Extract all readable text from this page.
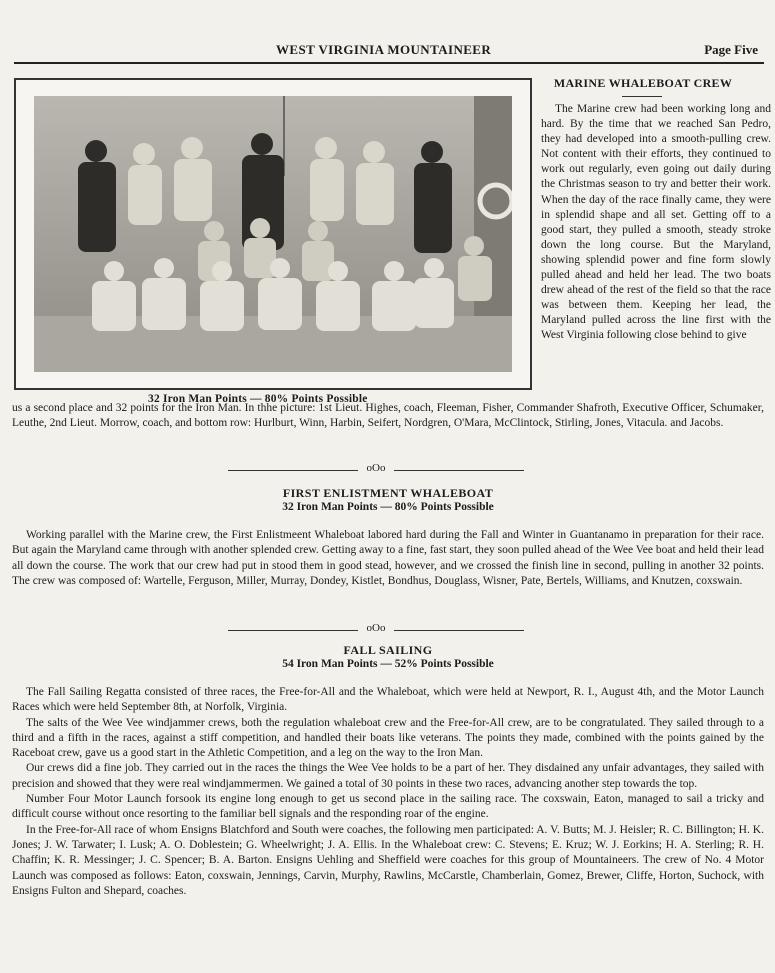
WEST VIRGINIA MOUNTAINEER	Page Five
32 Iron Man Points — 80% Points Possible
MARINE WHALEBOAT CREW

The Marine crew had been working long and hard. By the time that we reached San Pedro, they had developed into a smooth-pulling crew. Not content with their efforts, they continued to work out regularly, even going out daily during the Christmas season to try and better their work. When the day of the race finally came, they were in splendid shape and all set. Getting off to a good start, they pulled a smooth, steady stroke down the long course. But the Maryland, showing splendid power and fine form slowly pulled ahead and held her lead. The two boats drew ahead of the rest of the field so that the race was between them. Keeping her lead, the Maryland pulled across the line first with the West Virginia following close behind to give

us a second place and 32 points for the Iron Man. In thhe picture: 1st Lieut. Highes, coach, Fleeman, Fisher, Commander Shafroth, Executive Officer, Schumaker, Leuthe, 2nd Lieut. Morrow, coach, and bottom row: Hurlburt, Winn, Harbin, Seifert, Nordgren, O'Mara, McClintock, Stirling, Jones, Vitacula. and Jacobs.

oOo
FIRST ENLISTMENT WHALEBOAT
32 Iron Man Points — 80% Points Possible

Working parallel with the Marine crew, the First Enlistmeent Whaleboat labored hard during the Fall and Winter in Guantanamo in preparation for their race. But again the Maryland came through with another splended crew. Getting away to a fine, fast start, they soon pulled ahead of the Wee Vee boat and held their lead all down the course. The work that our crew had put in stood them in good stead, however, and we crossed the finish line in second, pulling in another 32 points. The crew was composed of: Wartelle, Ferguson, Miller, Murray, Dondey, Kistlet, Bondhus, Douglass, Wisner, Pate, Bertels, Williams, and Knutzen, coxswain.

oOo
FALL SAILING
54 Iron Man Points — 52% Points Possible

The Fall Sailing Regatta consisted of three races, the Free-for-All and the Whaleboat, which were held at Newport, R. I., August 4th, and the Motor Launch Races which were held September 8th, at Norfolk, Virginia.

The salts of the Wee Vee windjammer crews, both the regulation whaleboat crew and the Free-for-All crew, are to be congratulated. They sailed through to a third and a fifth in the races, against a stiff competition, and handled their boats like veterans. The points they made, combined with the points gained by the Raceboat crew, gave us a good start in the Athletic Competition, and a leg on the way to the Iron Man.

Our crews did a fine job. They carried out in the races the things the Wee Vee holds to be a part of her. They disdained any unfair advantages, they sailed with precision and showed that they were real windjammermen. We gained a total of 30 points in these two races, advancing another step towards the top.

Number Four Motor Launch forsook its engine long enough to get us second place in the sailing race. The coxswain, Eaton, managed to sail a tricky and difficult course without once resorting to the familiar bell signals and the responding roar of the engine.

In the Free-for-All race of whom Ensigns Blatchford and South were coaches, the following men participated: A. V. Butts; M. J. Heisler; R. C. Billington; H. K. Jones; J. W. Tarwater; I. Lusk; A. O. Doblestein; G. Wheelwright; J. A. Ellis. In the Whaleboat crew: C. Stevens; E. Kruz; W. J. Eorkins; H. A. Sterling; R. H. Chaffin; K. R. Messinger; J. C. Spencer; B. A. Barton. Ensigns Uehling and Sheffield were coaches for this group of Mountaineers. The crew of No. 4 Motor Launch was composed as follows: Eaton, coxswain, Jennings, Carvin, Murphy, Rawlins, McCarstle, Chamberlain, Gomez, Brewer, Cliffe, Horton, Suchock, with Ensigns Fulton and Shepard, coaches.
